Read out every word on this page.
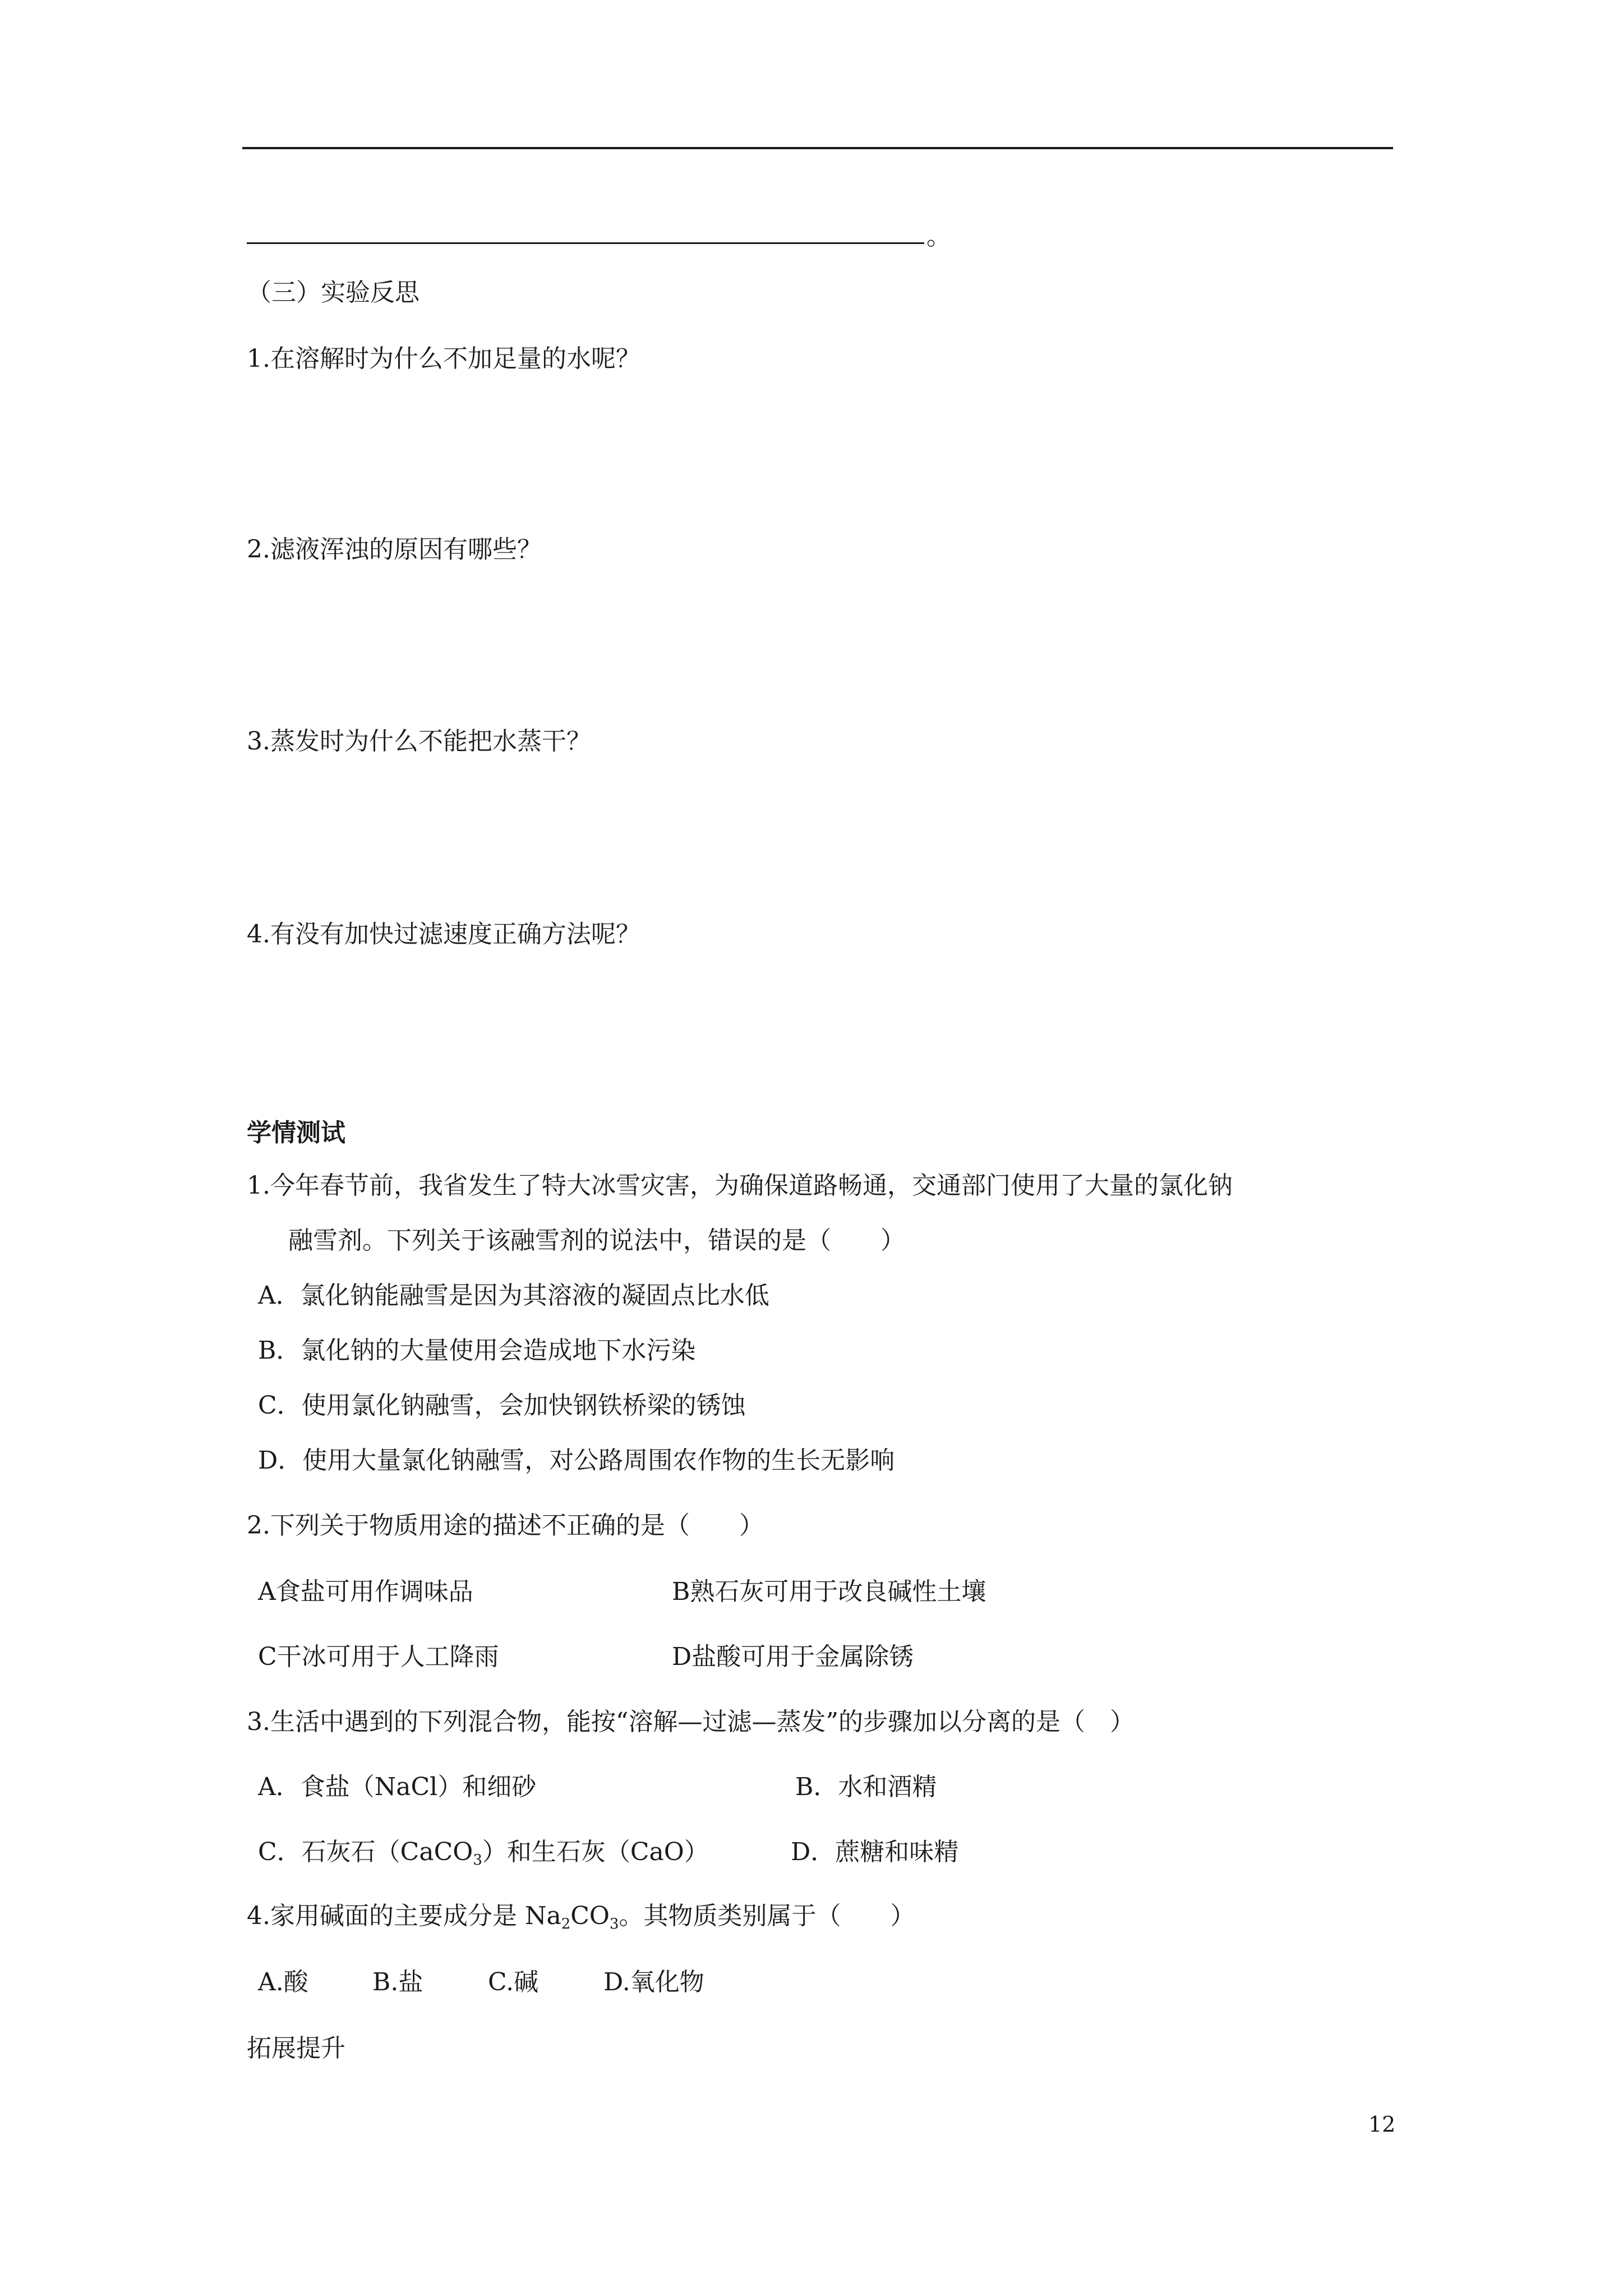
。
（三）实验反思
1.在溶解时为什么不加足量的水呢？
2.滤液浑浊的原因有哪些？
3.蒸发时为什么不能把水蒸干？
4.有没有加快过滤速度正确方法呢？
学情测试
1.今年春节前，我省发生了特大冰雪灾害，为确保道路畅通，交通部门使用了大量的氯化钠
融雪剂。下列关于该融雪剂的说法中，错误的是（　　）
A．氯化钠能融雪是因为其溶液的凝固点比水低
B．氯化钠的大量使用会造成地下水污染
C．使用氯化钠融雪，会加快钢铁桥梁的锈蚀
D．使用大量氯化钠融雪，对公路周围农作物的生长无影响
2.下列关于物质用途的描述不正确的是（　　）
A食盐可用作调味品	B熟石灰可用于改良碱性土壤
C干冰可用于人工降雨	D盐酸可用于金属除锈
3.生活中遇到的下列混合物，能按“溶解—过滤—蒸发”的步骤加以分离的是（　）
A．食盐（NaCl）和细砂	B．水和酒精
C．石灰石（CaCO$_3$）和生石灰（CaO）	D．蔗糖和味精
4.家用碱面的主要成分是 $Na_2CO_3$。其物质类别属于（　　）
A.酸	B.盐	C.碱	D.氧化物
拓展提升
12
